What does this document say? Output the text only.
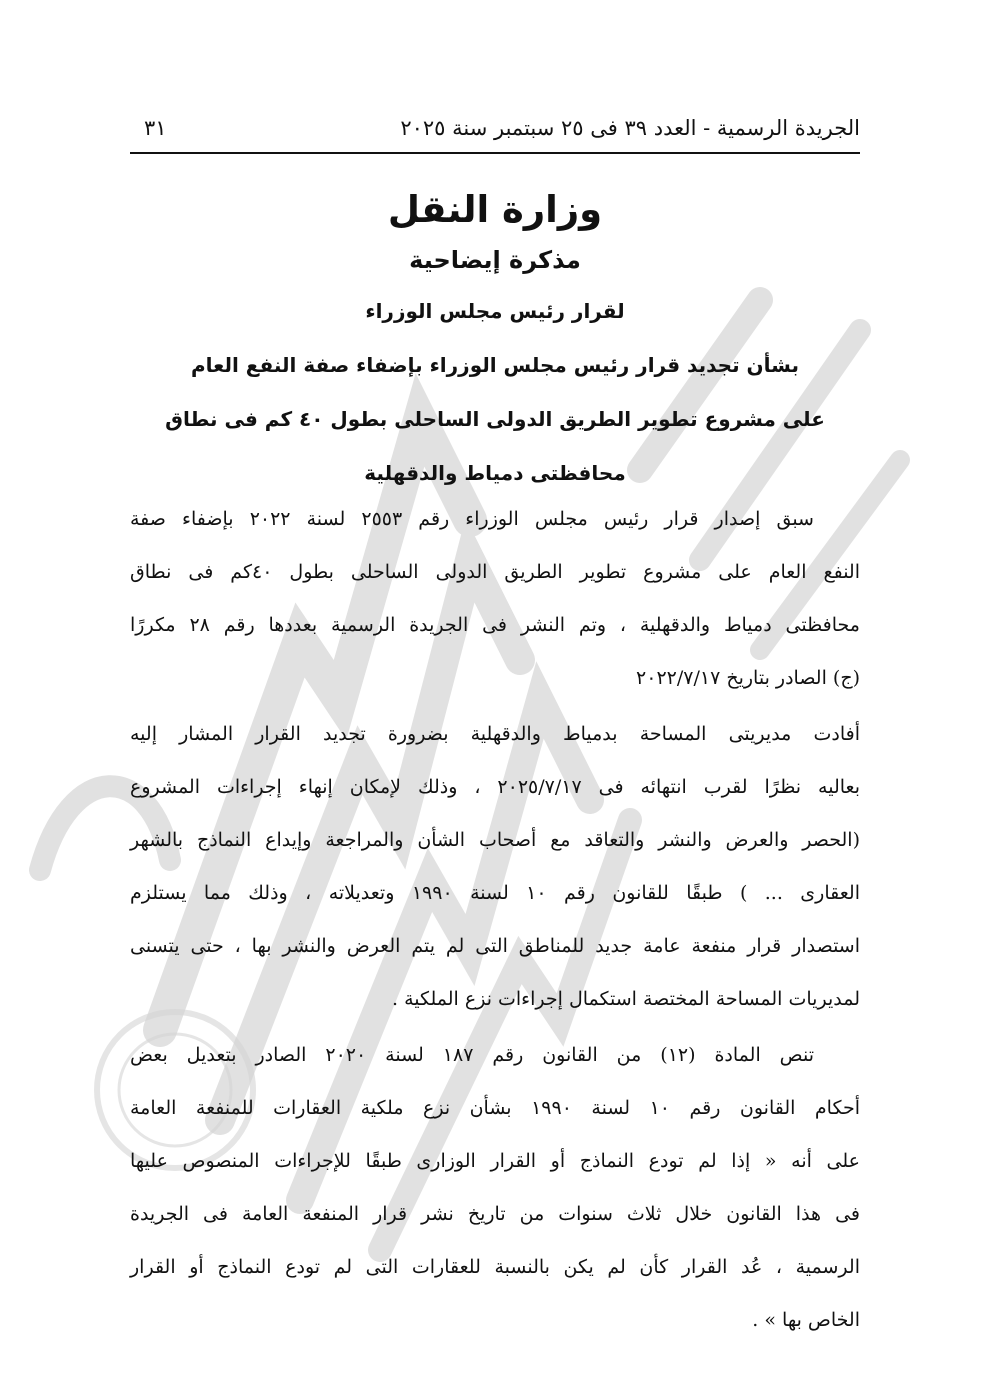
الجريدة الرسمية - العدد ٣٩ فى ٢٥ سبتمبر سنة ٢٠٢٥
٣١
وزارة النقل
مذكرة إيضاحية
لقرار رئيس مجلس الوزراء
بشأن تجديد قرار رئيس مجلس الوزراء بإضفاء صفة النفع العام
على مشروع تطوير الطريق الدولى الساحلى بطول ٤٠ كم فى نطاق
محافظتى دمياط والدقهلية
سبق إصدار قرار رئيس مجلس الوزراء رقم ٢٥٥٣ لسنة ٢٠٢٢ بإضفاء صفة
النفع العام على مشروع تطوير الطريق الدولى الساحلى بطول ٤٠كم فى نطاق
محافظتى دمياط والدقهلية ، وتم النشر فى الجريدة الرسمية بعددها رقم ٢٨ مكررًا
(ج) الصادر بتاريخ ٢٠٢٢/٧/١٧
أفادت مديريتى المساحة بدمياط والدقهلية بضرورة تجديد القرار المشار إليه
بعاليه نظرًا لقرب انتهائه فى ٢٠٢٥/٧/١٧ ، وذلك لإمكان إنهاء إجراءات المشروع
(الحصر والعرض والنشر والتعاقد مع أصحاب الشأن والمراجعة وإيداع النماذج بالشهر
العقارى ... ) طبقًا للقانون رقم ١٠ لسنة ١٩٩٠ وتعديلاته ، وذلك مما يستلزم
استصدار قرار منفعة عامة جديد للمناطق التى لم يتم العرض والنشر بها ، حتى يتسنى
لمديريات المساحة المختصة استكمال إجراءات نزع الملكية .
تنص المادة (١٢) من القانون رقم ١٨٧ لسنة ٢٠٢٠ الصادر بتعديل بعض
أحكام القانون رقم ١٠ لسنة ١٩٩٠ بشأن نزع ملكية العقارات للمنفعة العامة
على أنه « إذا لم تودع النماذج أو القرار الوزارى طبقًا للإجراءات المنصوص عليها
فى هذا القانون خلال ثلاث سنوات من تاريخ نشر قرار المنفعة العامة فى الجريدة
الرسمية ، عُد القرار كأن لم يكن بالنسبة للعقارات التى لم تودع النماذج أو القرار
الخاص بها » .
